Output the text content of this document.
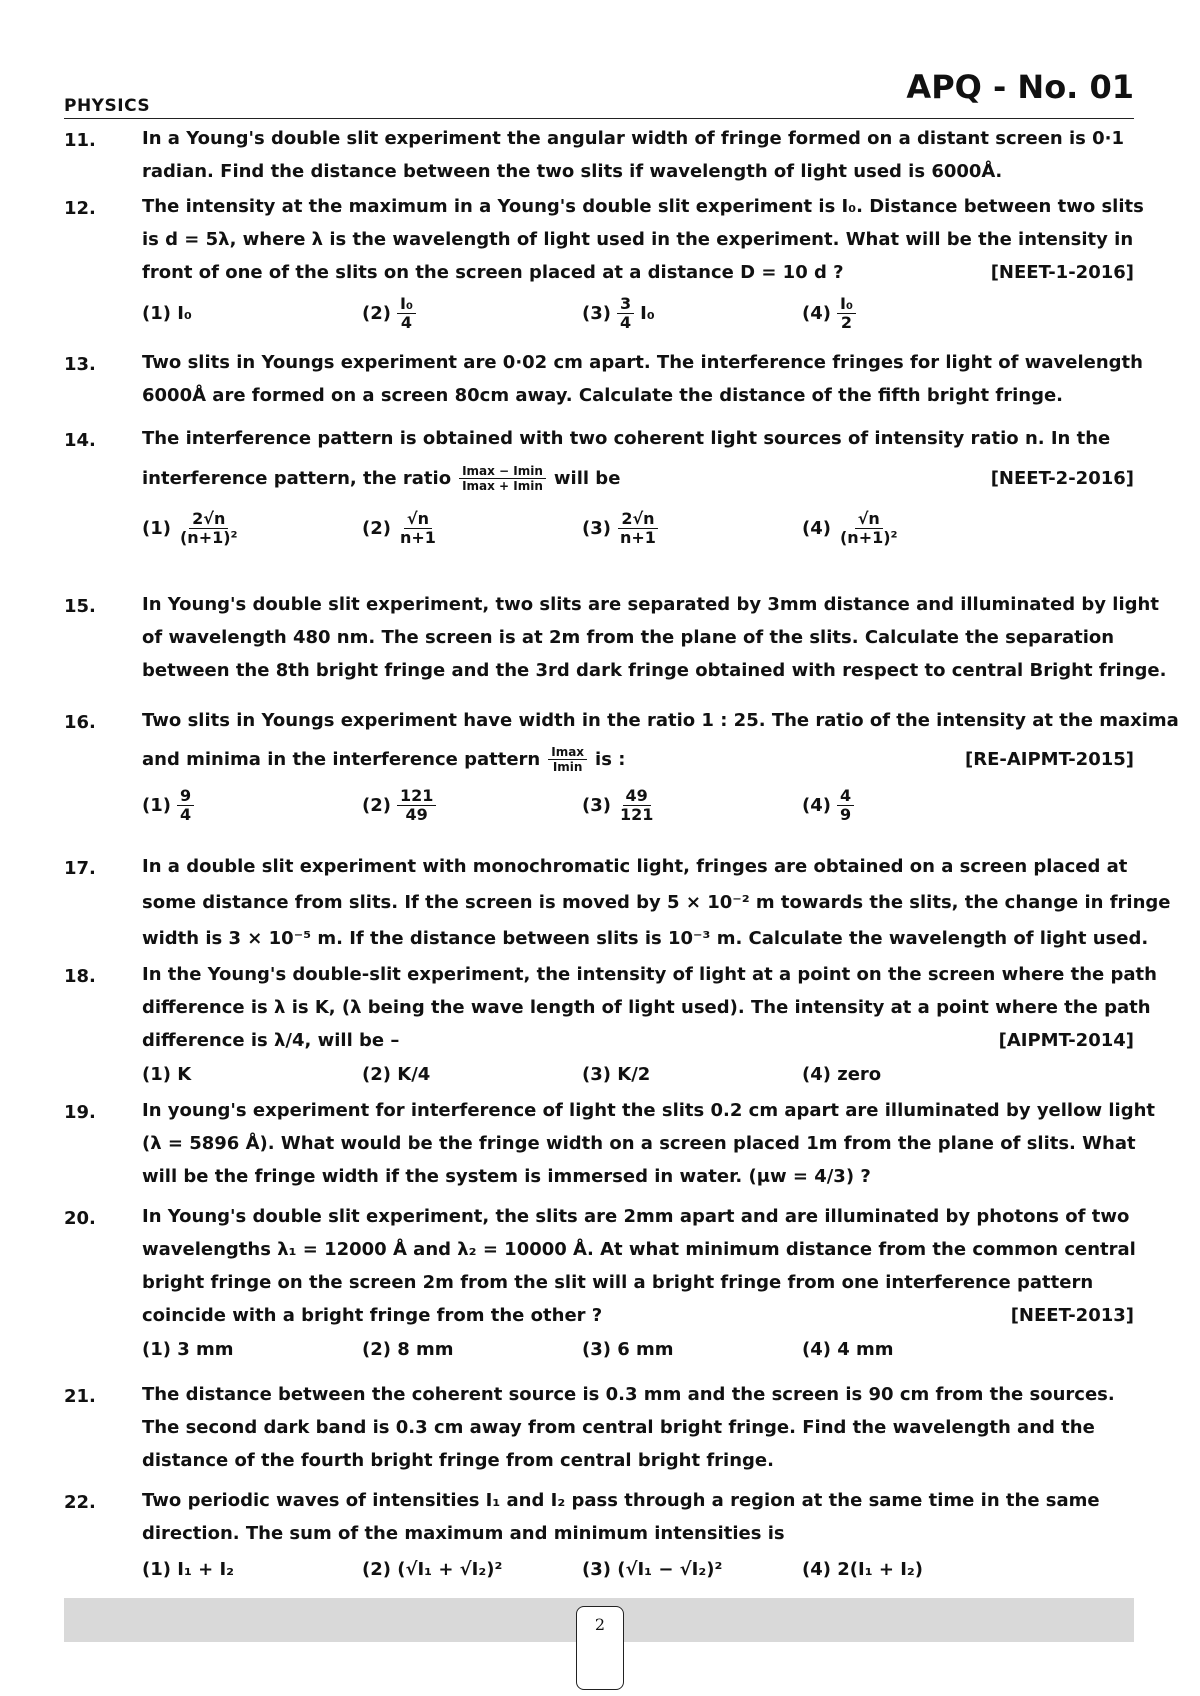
PHYSICS	APQ - No. 01
11.	In a Young's double slit experiment the angular width of fringe formed on a distant screen is 0·1
radian. Find the distance between the two slits if wavelength of light used is 6000Å.
12.	The intensity at the maximum in a Young's double slit experiment is I₀. Distance between two slits
is d = 5λ, where λ is the wavelength of light used in the experiment. What will be the intensity in
front of one of the slits on the screen placed at a distance D = 10 d ?	[NEET-1-2016]
(1) I₀	$(2) \frac{\text{I₀}}{4}$	$(3) \frac{3}{4} I_0$	$(4) \frac{\text{I₀}}{2}$
13.	Two slits in Youngs experiment are 0·02 cm apart. The interference fringes for light of wavelength
6000Å are formed on a screen 80cm away. Calculate the distance of the fifth bright fringe.
14.	The interference pattern is obtained with two coherent light sources of intensity ratio n. In the
interference pattern, the ratio $\frac{Imax - Imin}{Imax + Imin}$ will be	[NEET-2-2016]
$(1) \frac{2√n}{\text{(n+1)²}}$	$(2) \frac{√n}{n+1}$	$(3) \frac{2√n}{n+1}$	$(4) \frac{√n}{\text{(n+1)²}}$
15.	In Young's double slit experiment, two slits are separated by 3mm distance and illuminated by light
of wavelength 480 nm. The screen is at 2m from the plane of the slits. Calculate the separation
between the 8th bright fringe and the 3rd dark fringe obtained with respect to central Bright fringe.
16.	Two slits in Youngs experiment have width in the ratio 1 : 25. The ratio of the intensity at the maxima
and minima in the interference pattern $\frac{Imax}{Imin}$ is :	[RE-AIPMT-2015]
$(1) \frac{9}{4}$	$(2) \frac{121}{49}$	$(3) \frac{49}{121}$	$(4) \frac{4}{9}$
17.	In a double slit experiment with monochromatic light, fringes are obtained on a screen placed at
some distance from slits. If the screen is moved by 5 × 10⁻² m towards the slits, the change in fringe
width is 3 × 10⁻⁵ m. If the distance between slits is 10⁻³ m. Calculate the wavelength of light used.
18.	In the Young's double-slit experiment, the intensity of light at a point on the screen where the path
difference is λ is K, (λ being the wave length of light used). The intensity at a point where the path
difference is λ/4, will be –	[AIPMT-2014]
(1) K	(2) K/4	(3) K/2	(4) zero
19.	In young's experiment for interference of light the slits 0.2 cm apart are illuminated by yellow light
(λ = 5896 Å). What would be the fringe width on a screen placed 1m from the plane of slits. What
will be the fringe width if the system is immersed in water. (μw = 4/3) ?
20.	In Young's double slit experiment, the slits are 2mm apart and are illuminated by photons of two
wavelengths λ₁ = 12000 Å and λ₂ = 10000 Å. At what minimum distance from the common central
bright fringe on the screen 2m from the slit will a bright fringe from one interference pattern
coincide with a bright fringe from the other ?	[NEET-2013]
(1) 3 mm	(2) 8 mm	(3) 6 mm	(4) 4 mm
21.	The distance between the coherent source is 0.3 mm and the screen is 90 cm from the sources.
The second dark band is 0.3 cm away from central bright fringe. Find the wavelength and the
distance of the fourth bright fringe from central bright fringe.
22.	Two periodic waves of intensities I₁ and I₂ pass through a region at the same time in the same
direction. The sum of the maximum and minimum intensities is
(1) I₁ + I₂	(2) (√I₁ + √I₂)²	(3) (√I₁ − √I₂)²	(4) 2(I₁ + I₂)
2
